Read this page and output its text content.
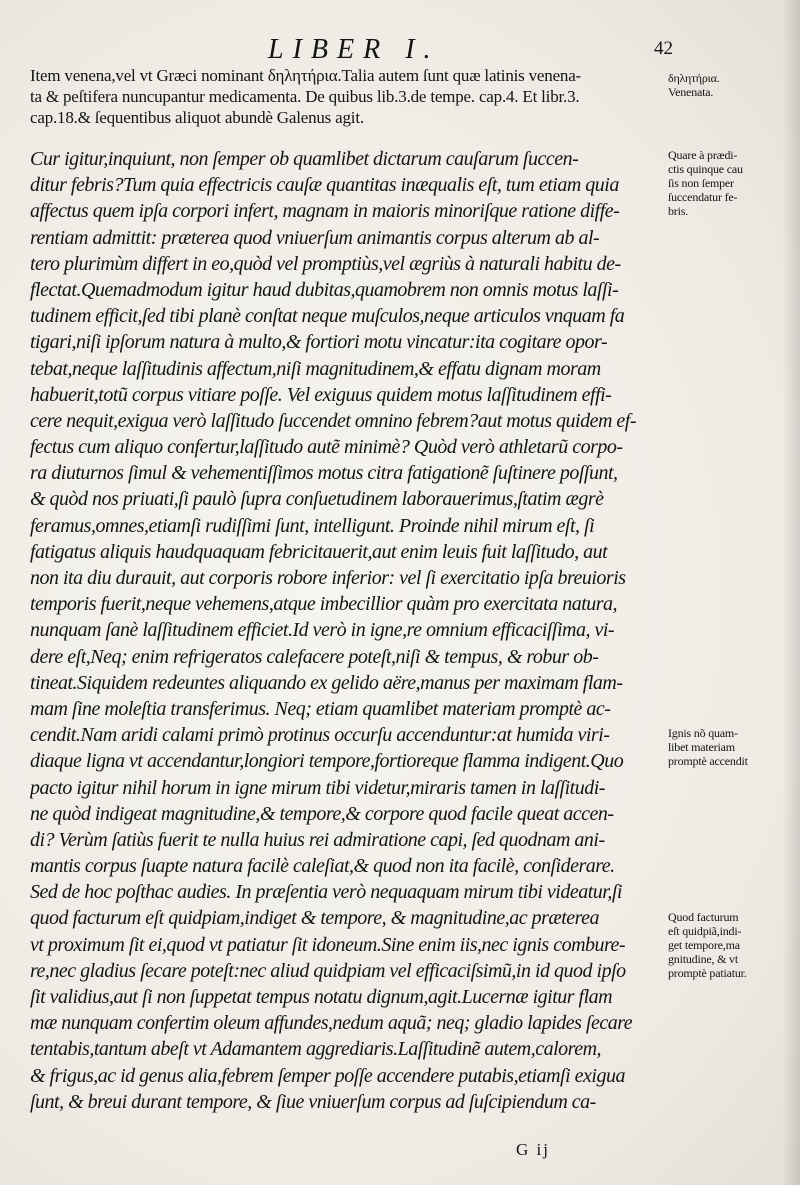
LIBER I.	42
Item venena,vel vt Græci nominant δηλητήρια.Talia autem ſunt quæ latinis venena-
ta & peſtifera nuncupantur medicamenta. De quibus lib.3.de tempe. cap.4. Et libr.3.
cap.18.& ſequentibus aliquot abundè Galenus agit.
Cur igitur,inquiunt, non ſemper ob quamlibet dictarum cauſarum ſuccen-
ditur febris?Tum quia effectricis cauſæ quantitas inæqualis eſt, tum etiam quia
affectus quem ipſa corpori infert, magnam in maioris minoriſque ratione diffe-
rentiam admittit: præterea quod vniuerſum animantis corpus alterum ab al-
tero plurimùm differt in eo,quòd vel promptiùs,vel ægriùs à naturali habitu de-
flectat.Quemadmodum igitur haud dubitas,quamobrem non omnis motus laſſi-
tudinem efficit,ſed tibi planè conſtat neque muſculos,neque articulos vnquam fa
tigari,niſi ipſorum natura à multo,& fortiori motu vincatur:ita cogitare opor-
tebat,neque laſſitudinis affectum,niſi magnitudinem,& effatu dignam moram
habuerit,totũ corpus vitiare poſſe. Vel exiguus quidem motus laſſitudinem effi-
cere nequit,exigua verò laſſitudo ſuccendet omnino febrem?aut motus quidem ef-
fectus cum aliquo confertur,laſſitudo autẽ minimè? Quòd verò athletarũ corpo-
ra diuturnos ſimul & vehementiſſimos motus citra fatigationẽ ſuſtinere poſſunt,
& quòd nos priuati,ſi paulò ſupra conſuetudinem laborauerimus,ſtatim ægrè
feramus,omnes,etiamſi rudiſſimi ſunt, intelligunt. Proinde nihil mirum eſt, ſi
fatigatus aliquis haudquaquam febricitauerit,aut enim leuis fuit laſſitudo, aut
non ita diu durauit, aut corporis robore inferior: vel ſi exercitatio ipſa breuioris
temporis fuerit,neque vehemens,atque imbecillior quàm pro exercitata natura,
nunquam ſanè laſſitudinem efficiet.Id verò in igne,re omnium efficaciſſima, vi-
dere eſt,Neq; enim refrigeratos calefacere poteſt,niſi & tempus, & robur ob-
tineat.Siquidem redeuntes aliquando ex gelido aëre,manus per maximam flam-
mam ſine moleſtia transferimus. Neq; etiam quamlibet materiam promptè ac-
cendit.Nam aridi calami primò protinus occurſu accenduntur:at humida viri-
diaque ligna vt accendantur,longiori tempore,fortioreque flamma indigent.Quo
pacto igitur nihil horum in igne mirum tibi videtur,miraris tamen in laſſitudi-
ne quòd indigeat magnitudine,& tempore,& corpore quod facile queat accen-
di? Verùm ſatiùs fuerit te nulla huius rei admiratione capi, ſed quodnam ani-
mantis corpus ſuapte natura facilè caleſiat,& quod non ita facilè, conſiderare.
Sed de hoc poſthac audies. In præſentia verò nequaquam mirum tibi videatur,ſi
quod facturum eſt quidpiam,indiget & tempore, & magnitudine,ac præterea
vt proximum ſit ei,quod vt patiatur ſit idoneum.Sine enim iis,nec ignis combure-
re,nec gladius ſecare poteſt:nec aliud quidpiam vel efficaciſsimũ,in id quod ipſo
ſit validius,aut ſi non ſuppetat tempus notatu dignum,agit.Lucernæ igitur flam
mæ nunquam confertim oleum affundes,nedum aquã; neq; gladio lapides ſecare
tentabis,tantum abeſt vt Adamantem aggrediaris.Laſſitudinẽ autem,calorem,
& frigus,ac id genus alia,febrem ſemper poſſe accendere putabis,etiamſi exigua
ſunt, & breui durant tempore, & ſiue vniuerſum corpus ad ſuſcipiendum ca-
δηλητήρια.
Venenata.
Quare à prædi-
ctis quinque cau
ſis non ſemper
ſuccendatur fe-
bris.
Ignis nõ quam-
libet materiam
promptè accendit
Quod facturum
eſt quidpiã,indi-
get tempore,ma
gnitudine, & vt
promptè patiatur.
G ij
